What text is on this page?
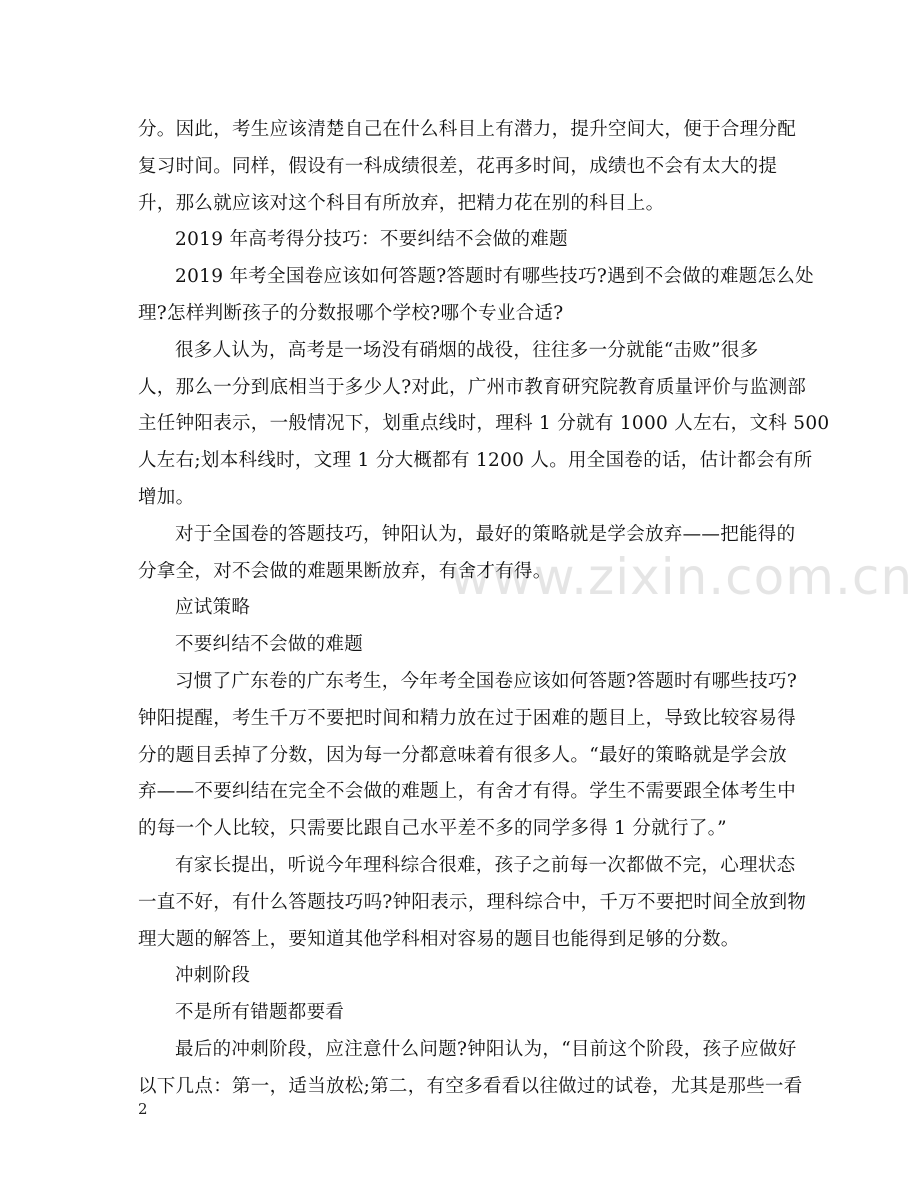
分。因此，考生应该清楚自己在什么科目上有潜力，提升空间大，便于合理分配
复习时间。同样，假设有一科成绩很差，花再多时间，成绩也不会有太大的提
升，那么就应该对这个科目有所放弃，把精力花在别的科目上。
2019 年高考得分技巧：不要纠结不会做的难题
2019 年考全国卷应该如何答题?答题时有哪些技巧?遇到不会做的难题怎么处
理?怎样判断孩子的分数报哪个学校?哪个专业合适?
很多人认为，高考是一场没有硝烟的战役，往往多一分就能“击败”很多
人，那么一分到底相当于多少人?对此，广州市教育研究院教育质量评价与监测部
主任钟阳表示，一般情况下，划重点线时，理科 1 分就有 1000 人左右，文科 500
人左右;划本科线时，文理 1 分大概都有 1200 人。用全国卷的话，估计都会有所
增加。
对于全国卷的答题技巧，钟阳认为，最好的策略就是学会放弃——把能得的
分拿全，对不会做的难题果断放弃，有舍才有得。
应试策略
不要纠结不会做的难题
习惯了广东卷的广东考生，今年考全国卷应该如何答题?答题时有哪些技巧?
钟阳提醒，考生千万不要把时间和精力放在过于困难的题目上，导致比较容易得
分的题目丢掉了分数，因为每一分都意味着有很多人。“最好的策略就是学会放
弃——不要纠结在完全不会做的难题上，有舍才有得。学生不需要跟全体考生中
的每一个人比较，只需要比跟自己水平差不多的同学多得 1 分就行了。”
有家长提出，听说今年理科综合很难，孩子之前每一次都做不完，心理状态
一直不好，有什么答题技巧吗?钟阳表示，理科综合中，千万不要把时间全放到物
理大题的解答上，要知道其他学科相对容易的题目也能得到足够的分数。
冲刺阶段
不是所有错题都要看
最后的冲刺阶段，应注意什么问题?钟阳认为，“目前这个阶段，孩子应做好
以下几点：第一，适当放松;第二，有空多看看以往做过的试卷，尤其是那些一看
www.zixin.com.cn
2
